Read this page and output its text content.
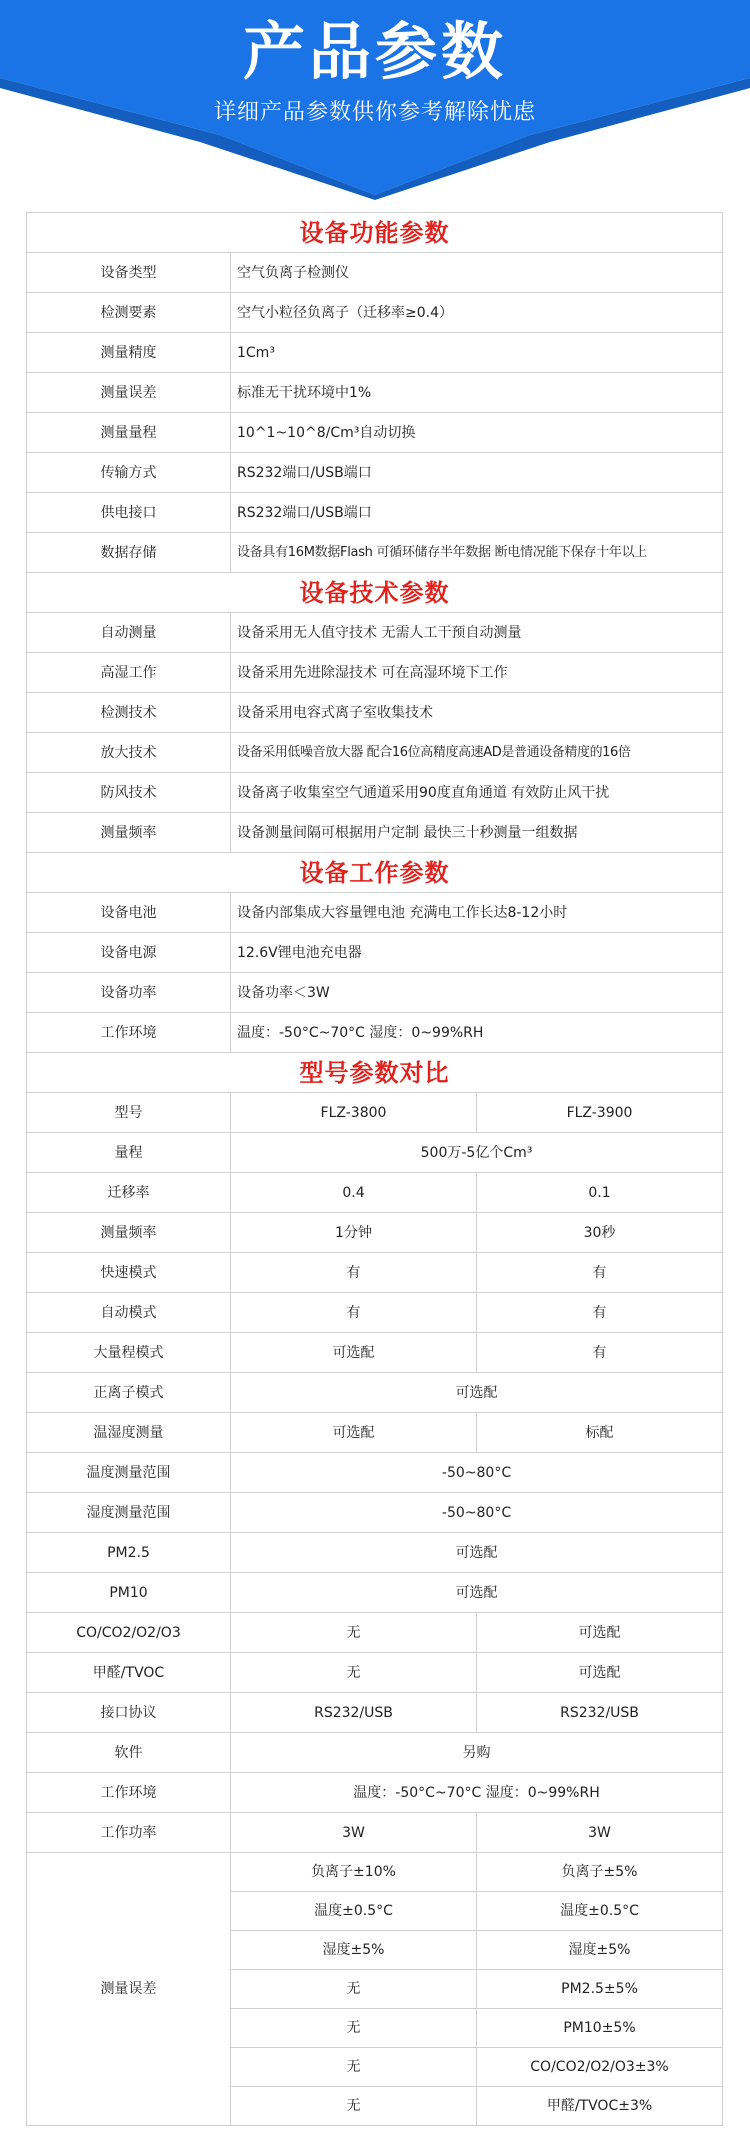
产品参数
详细产品参数供你参考解除忧虑
设备功能参数		
设备类型	空气负离子检测仪	
检测要素	空气小粒径负离子（迁移率≥0.4）	
测量精度	1Cm³	
测量误差	标准无干扰环境中1%	
测量量程	10^1~10^8/Cm³自动切换	
传输方式	RS232端口/USB端口	
供电接口	RS232端口/USB端口	
数据存储	设备具有16M数据Flash 可循环储存半年数据 断电情况能下保存十年以上	
设备技术参数		
自动测量	设备采用无人值守技术 无需人工干预自动测量	
高湿工作	设备采用先进除湿技术 可在高湿环境下工作	
检测技术	设备采用电容式离子室收集技术	
放大技术	设备采用低噪音放大器 配合16位高精度高速AD是普通设备精度的16倍	
防风技术	设备离子收集室空气通道采用90度直角通道 有效防止风干扰	
测量频率	设备测量间隔可根据用户定制 最快三十秒测量一组数据	
设备工作参数		
设备电池	设备内部集成大容量锂电池 充满电工作长达8-12小时	
设备电源	12.6V锂电池充电器	
设备功率	设备功率＜3W	
工作环境	温度：-50°C~70°C 湿度：0~99%RH	
型号参数对比		
型号	FLZ-3800	FLZ-3900
量程	500万-5亿个Cm³	
迁移率	0.4	0.1
测量频率	1分钟	30秒
快速模式	有	有
自动模式	有	有
大量程模式	可选配	有
正离子模式	可选配	
温湿度测量	可选配	标配
温度测量范围	-50~80°C	
湿度测量范围	-50~80°C	
PM2.5	可选配	
PM10	可选配	
CO/CO2/O2/O3	无	可选配
甲醛/TVOC	无	可选配
接口协议	RS232/USB	RS232/USB
软件	另购	
工作环境	温度：-50°C~70°C 湿度：0~99%RH	
工作功率	3W	3W
测量误差	负离子±10%	负离子±5%
	温度±0.5°C	温度±0.5°C
	湿度±5%	湿度±5%
	无	PM2.5±5%
	无	PM10±5%
	无	CO/CO2/O2/O3±3%
	无	甲醛/TVOC±3%
